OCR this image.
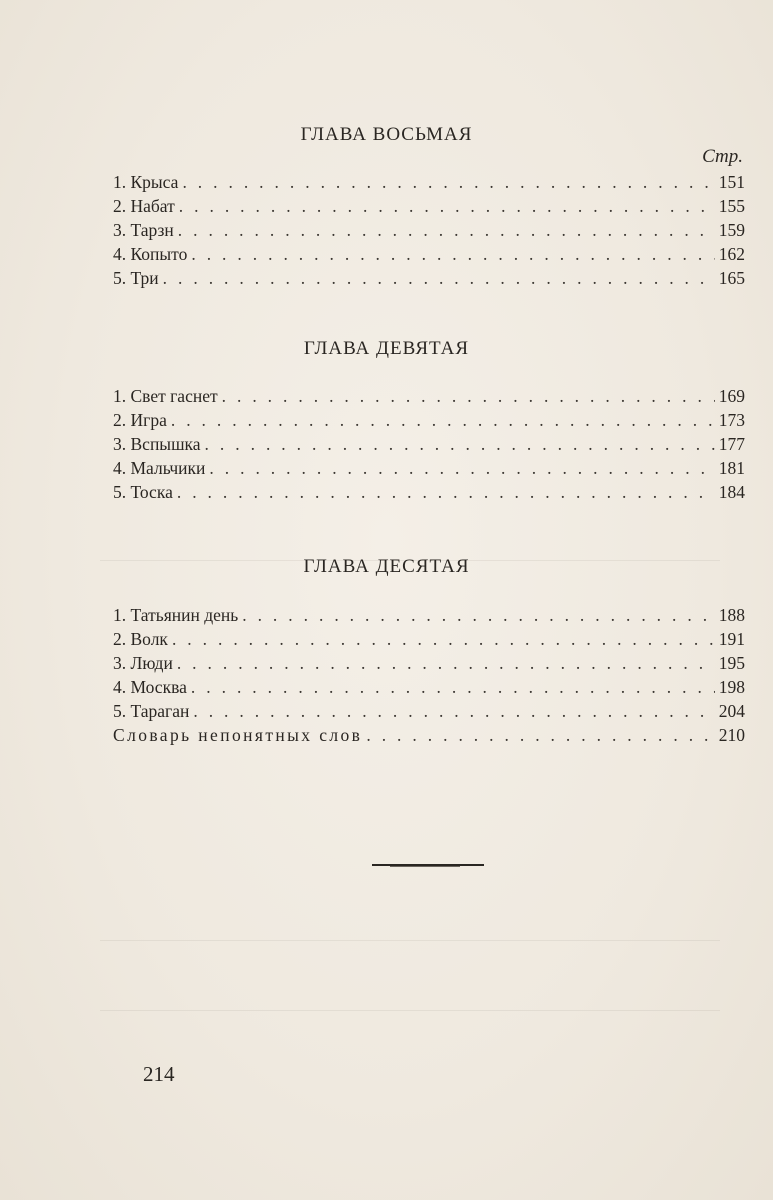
ГЛАВА ВОСЬМАЯ
Стр.
1. Крыса . . .	151
2. Набат . . .	155
3. Тарзн . . .	159
4. Копыто . . .	162
5. Три . . .	165
ГЛАВА ДЕВЯТАЯ
1. Свет гаснет . . .	169
2. Игра . . .	173
3. Вспышка . . .	177
4. Мальчики . . .	181
5. Тоска . . .	184
ГЛАВА ДЕСЯТАЯ
1. Татьянин день . . .	188
2. Волк . . .	191
3. Люди . . .	195
4. Москва . . .	198
5. Тараган . . .	204
Словарь непонятных слов . . .	210
214
